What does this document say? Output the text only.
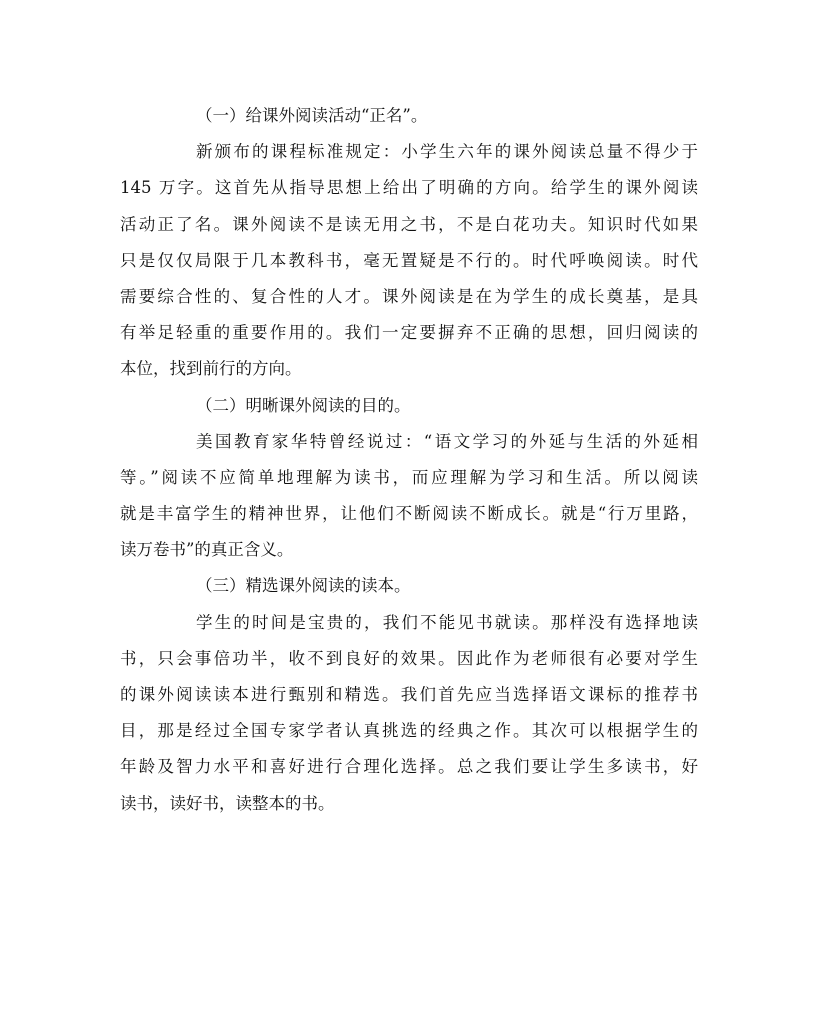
（一）给课外阅读活动“正名”。
新颁布的课程标准规定：小学生六年的课外阅读总量不得少于
145 万字。这首先从指导思想上给出了明确的方向。给学生的课外阅读
活动正了名。课外阅读不是读无用之书，不是白花功夫。知识时代如果
只是仅仅局限于几本教科书，毫无置疑是不行的。时代呼唤阅读。时代
需要综合性的、复合性的人才。课外阅读是在为学生的成长奠基，是具
有举足轻重的重要作用的。我们一定要摒弃不正确的思想，回归阅读的
本位，找到前行的方向。
（二）明晰课外阅读的目的。
美国教育家华特曾经说过：“语文学习的外延与生活的外延相
等。”阅读不应简单地理解为读书，而应理解为学习和生活。所以阅读
就是丰富学生的精神世界，让他们不断阅读不断成长。就是“行万里路，
读万卷书”的真正含义。
（三）精选课外阅读的读本。
学生的时间是宝贵的，我们不能见书就读。那样没有选择地读
书，只会事倍功半，收不到良好的效果。因此作为老师很有必要对学生
的课外阅读读本进行甄别和精选。我们首先应当选择语文课标的推荐书
目，那是经过全国专家学者认真挑选的经典之作。其次可以根据学生的
年龄及智力水平和喜好进行合理化选择。总之我们要让学生多读书，好
读书，读好书，读整本的书。
